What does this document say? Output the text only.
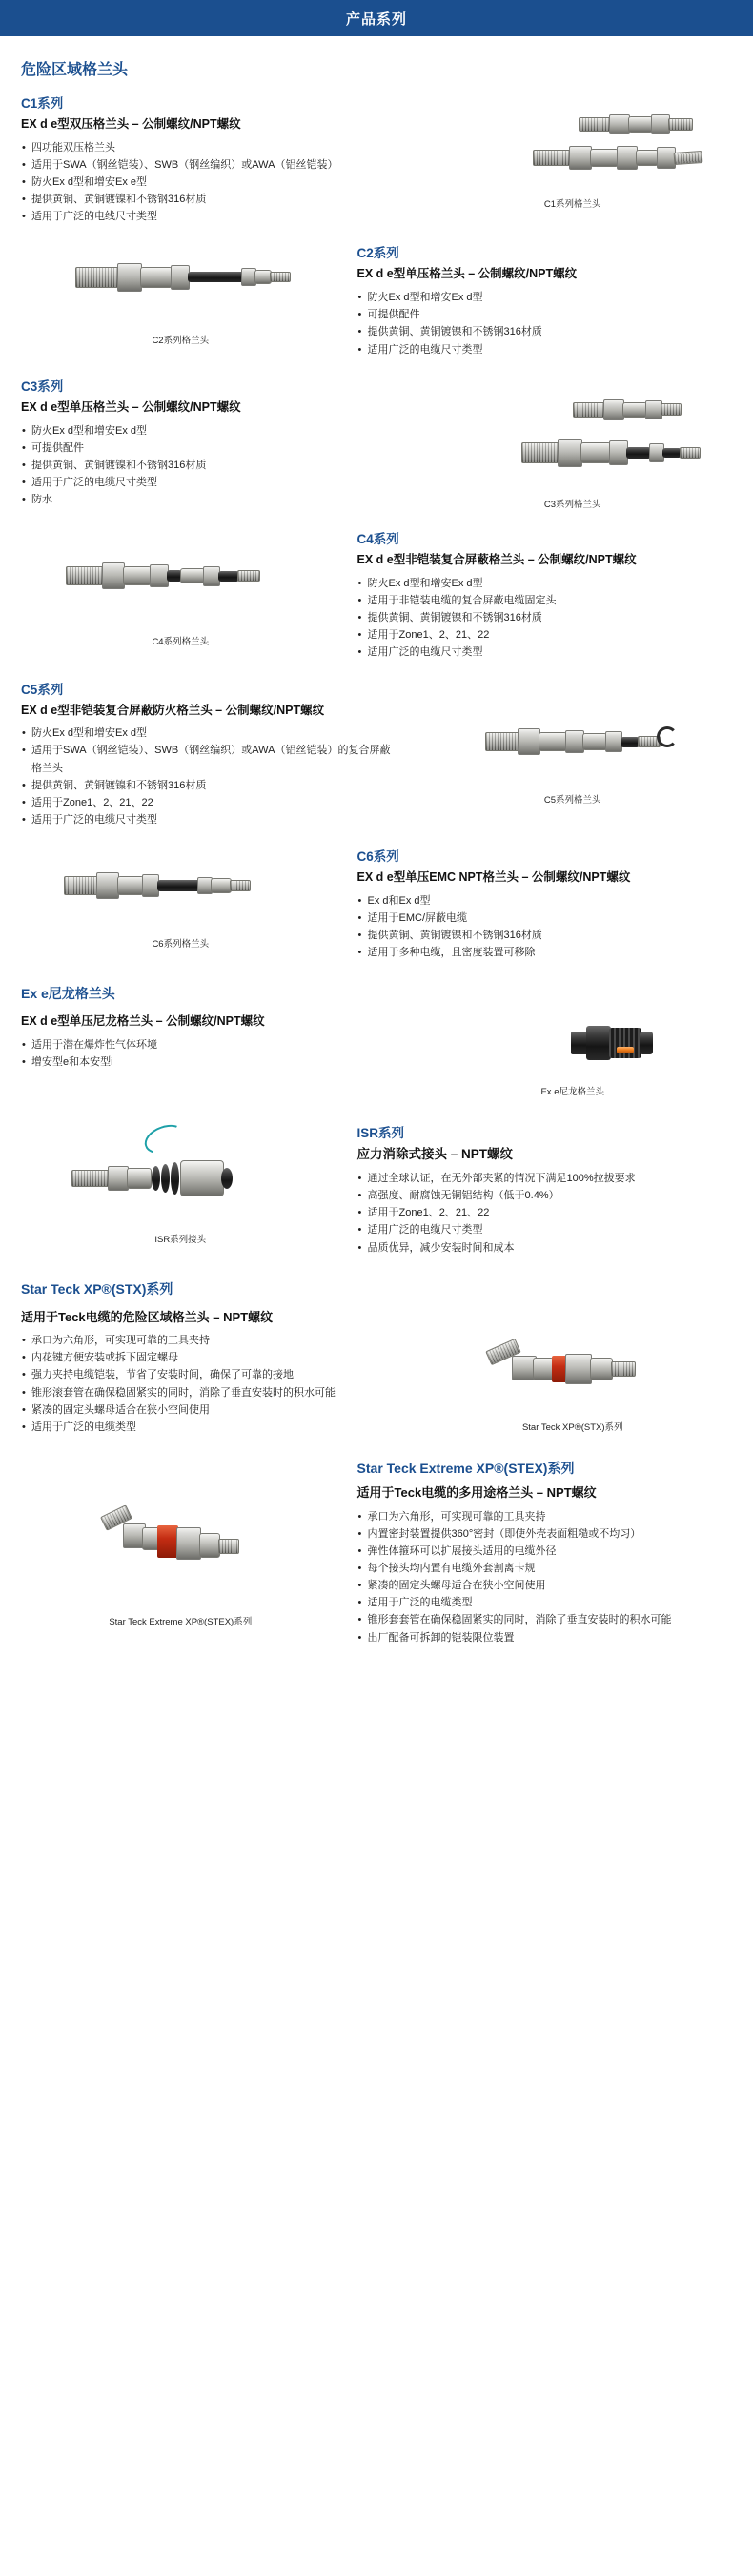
产品系列
危险区域格兰头
C1系列
EX d e型双压格兰头 – 公制螺纹/NPT螺纹
• 四功能双压格兰头
• 适用于SWA（钢丝铠装）、SWB（钢丝编织）或AWA（铝丝铠装）
• 防火Ex d型和增安Ex e型
• 提供黄铜、黄铜镀镍和不锈钢316材质
• 适用于广泛的电线尺寸类型
C1系列格兰头
C2系列
EX d e型单压格兰头 – 公制螺纹/NPT螺纹
• 防火Ex d型和增安Ex d型
• 可提供配件
• 提供黄铜、黄铜镀镍和不锈钢316材质
• 适用广泛的电缆尺寸类型
C2系列格兰头
C3系列
EX d e型单压格兰头 – 公制螺纹/NPT螺纹
• 防火Ex d型和增安Ex d型
• 可提供配件
• 提供黄铜、黄铜镀镍和不锈钢316材质
• 适用于广泛的电缆尺寸类型
• 防水	C3系列格兰头
C4系列
EX d e型非铠装复合屏蔽格兰头 – 公制螺纹/NPT螺纹
• 防火Ex d型和增安Ex d型
• 适用于非铠装电缆的复合屏蔽电缆固定头
• 提供黄铜、黄铜镀镍和不锈钢316材质
• 适用于Zone1、2、21、22
• 适用广泛的电缆尺寸类型
C4系列格兰头
C5系列
EX d e型非铠装复合屏蔽防火格兰头 – 公制螺纹/NPT螺纹
• 防火Ex d型和增安Ex d型
• 适用于SWA（钢丝铠装）、SWB（钢丝编织）或AWA（铝丝铠装）的复合屏蔽格兰头
• 提供黄铜、黄铜镀镍和不锈钢316材质
• 适用于Zone1、2、21、22
• 适用于广泛的电缆尺寸类型
C5系列格兰头
C6系列
EX d e型单压EMC NPT格兰头 – 公制螺纹/NPT螺纹
• Ex d和Ex d型
• 适用于EMC/屏蔽电缆
• 提供黄铜、黄铜镀镍和不锈钢316材质
• 适用于多种电缆，且密度装置可移除
C6系列格兰头
Ex e尼龙格兰头
EX d e型单压尼龙格兰头 – 公制螺纹/NPT螺纹
• 适用于潜在爆炸性气体环境
• 增安型e和本安型i
Ex e尼龙格兰头
ISR系列
应力消除式接头 – NPT螺纹
• 通过全球认证，在无外部夹紧的情况下满足100%拉拔要求
• 高强度、耐腐蚀无铜铝结构（低于0.4%）
• 适用于Zone1、2、21、22
• 适用广泛的电缆尺寸类型
• 品质优异，减少安装时间和成本
ISR系列接头
Star Teck XP®(STX)系列
适用于Teck电缆的危险区域格兰头 – NPT螺纹
• 承口为六角形，可实现可靠的工具夹持
• 内花键方便安装或拆下固定螺母
• 强力夹持电缆铠装，节省了安装时间，确保了可靠的接地
• 锥形滚套管在确保稳固紧实的同时，消除了垂直安装时的积水可能
• 紧凑的固定头螺母适合在狭小空间使用
• 适用于广泛的电缆类型	Star Teck XP®(STX)系列
Star Teck Extreme XP®(STEX)系列
适用于Teck电缆的多用途格兰头 – NPT螺纹
• 承口为六角形，可实现可靠的工具夹持
• 内置密封装置提供360°密封（即使外壳表面粗糙或不均习）
• 弹性体箍环可以扩展接头适用的电缆外径
• 每个接头均内置有电缆外套割离卡规
• 紧凑的固定头螺母适合在狭小空间使用
• 适用于广泛的电缆类型
• 锥形套套管在确保稳固紧实的同时，消除了垂直安装时的积水可能
• 出厂配备可拆卸的铠装限位装置
Star Teck Extreme XP®(STEX)系列
